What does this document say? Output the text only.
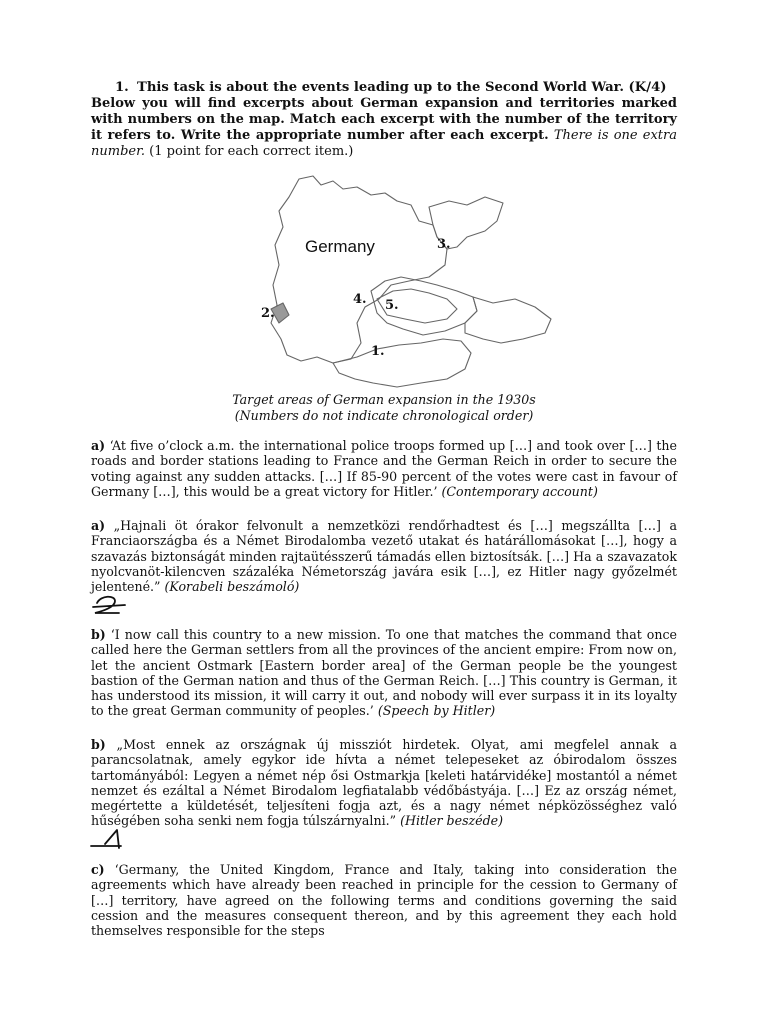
1. This task is about the events leading up to the Second World War. (K/4)

Below you will find excerpts about German expansion and territories marked with numbers on the map. Match each excerpt with the number of the territory it refers to. Write the appropriate number after each excerpt. There is one extra number. (1 point for each correct item.)

Germany	3.
4. 5.
2.
1.
Target areas of German expansion in the 1930s
(Numbers do not indicate chronological order)
a) ‘At five o’clock a.m. the international police troops formed up […] and took over […] the roads and border stations leading to France and the German Reich in order to secure the voting against any sudden attacks. […] If 85-90 percent of the votes were cast in favour of Germany […], this would be a great victory for Hitler.’ (Contemporary account)
a) „Hajnali öt órakor felvonult a nemzetközi rendőrhadtest és […] megszállta […] a Franciaországba és a Német Birodalomba vezető utakat és határállomásokat […], hogy a szavazás biztonságát minden rajtaütésszerű támadás ellen biztosítsák. […] Ha a szavazatok nyolcvanöt-kilencven százaléka Németország javára esik […], ez Hitler nagy győzelmét jelentené.” (Korabeli beszámoló)
b) ‘I now call this country to a new mission. To one that matches the command that once called here the German settlers from all the provinces of the ancient empire: From now on, let the ancient Ostmark [Eastern border area] of the German people be the youngest bastion of the German nation and thus of the German Reich. […] This country is German, it has understood its mission, it will carry it out, and nobody will ever surpass it in its loyalty to the great German community of peoples.’ (Speech by Hitler)
b) „Most ennek az országnak új missziót hirdetek. Olyat, ami megfelel annak a parancsolatnak, amely egykor ide hívta a német telepeseket az óbirodalom összes tartományából: Legyen a német nép ősi Ostmarkja [keleti határvidéke] mostantól a német nemzet és ezáltal a Német Birodalom legfiatalabb védőbástyája. […] Ez az ország német, megértette a küldetését, teljesíteni fogja azt, és a nagy német népközösséghez való hűségében soha senki nem fogja túlszárnyalni.” (Hitler beszéde)
c) ‘Germany, the United Kingdom, France and Italy, taking into consideration the agreements which have already been reached in principle for the cession to Germany of […] territory, have agreed on the following terms and conditions governing the said cession and the measures consequent thereon, and by this agreement they each hold themselves responsible for the steps
